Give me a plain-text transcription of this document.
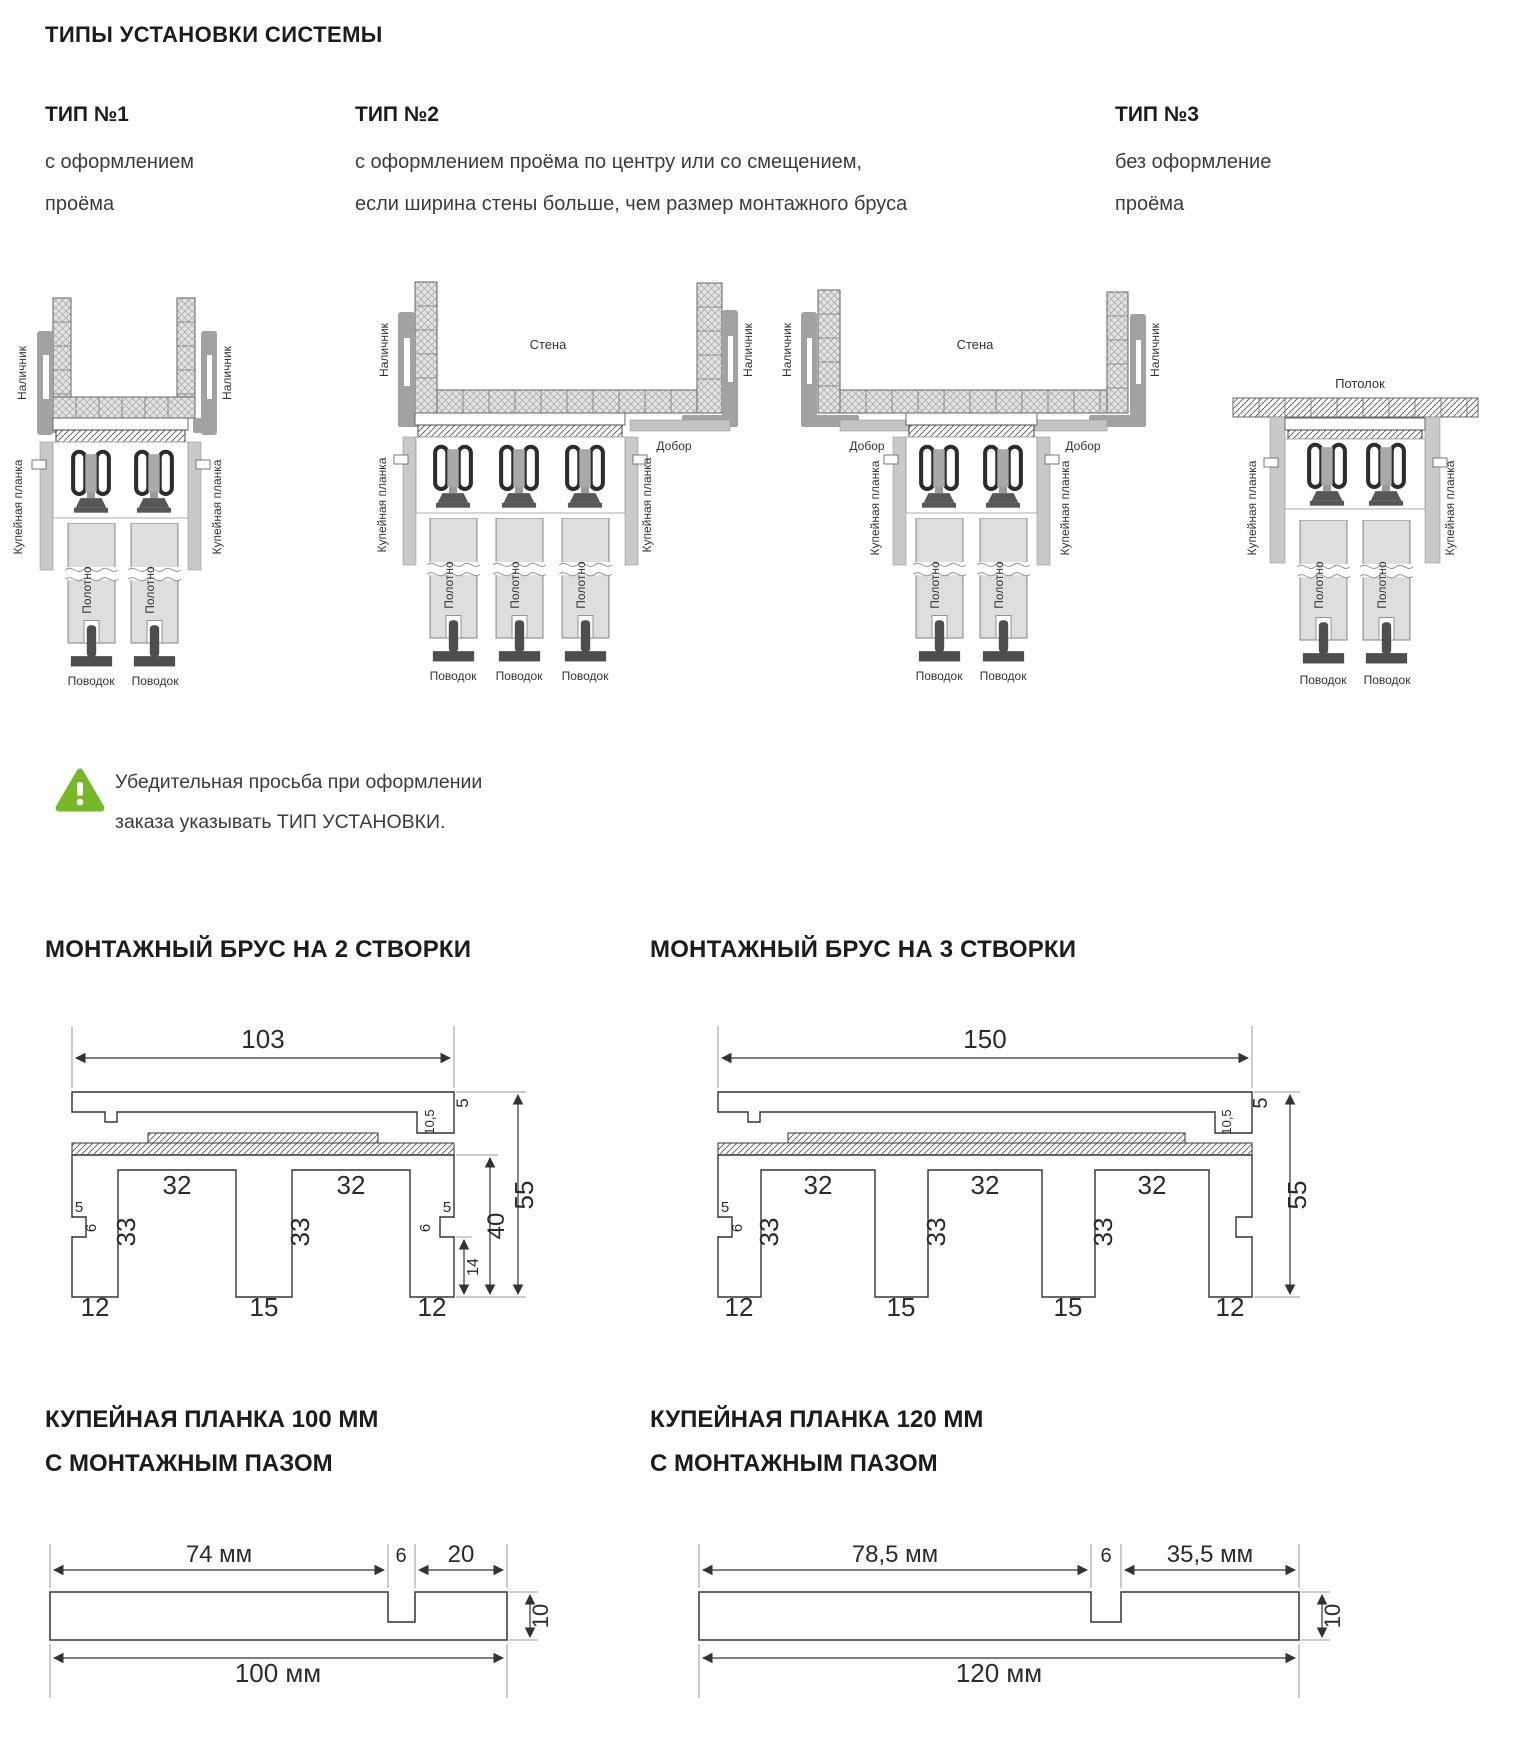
ТИПЫ УСТАНОВКИ СИСТЕМЫ
ТИП №1
с оформлением
проёма
ТИП №2
с оформлением проёма по центру или со смещением,
если ширина стены больше, чем размер монтажного бруса
ТИП №3
без оформление
проёма
Наличник	Наличник
Купейная планка	Купейная планка
Полотно	Полотно
Поводок Поводок
Стена
Наличник	Наличник
Добор
Купейная планка	Купейная планка
Полотно	Полотно	Полотно
Поводок Поводок Поводок
Стена
Наличник	Наличник
Добор	Добор
Купейная планка	Купейная планка
Полотно	Полотно
Поводок Поводок
Потолок
Купейная планка	Купейная планка
Полотно	Полотно
Поводок Поводок
Убедительная просьба при оформлении
заказа указывать ТИП УСТАНОВКИ.
МОНТАЖНЫЙ БРУС НА 2 СТВОРКИ	МОНТАЖНЫЙ БРУС НА 3 СТВОРКИ
103
5
10,5
32	32
33	33
5
6
5
6
12	15	12
14
40
55
150
5
10,5
32	32	32
33	33	33
5
6
12	15	15	12
55
КУПЕЙНАЯ ПЛАНКА 100 ММ
С МОНТАЖНЫМ ПАЗОМ
КУПЕЙНАЯ ПЛАНКА 120 ММ
С МОНТАЖНЫМ ПАЗОМ
74 мм	6 20
10
100 мм
78,5 мм	6 35,5 мм
10
120 мм
